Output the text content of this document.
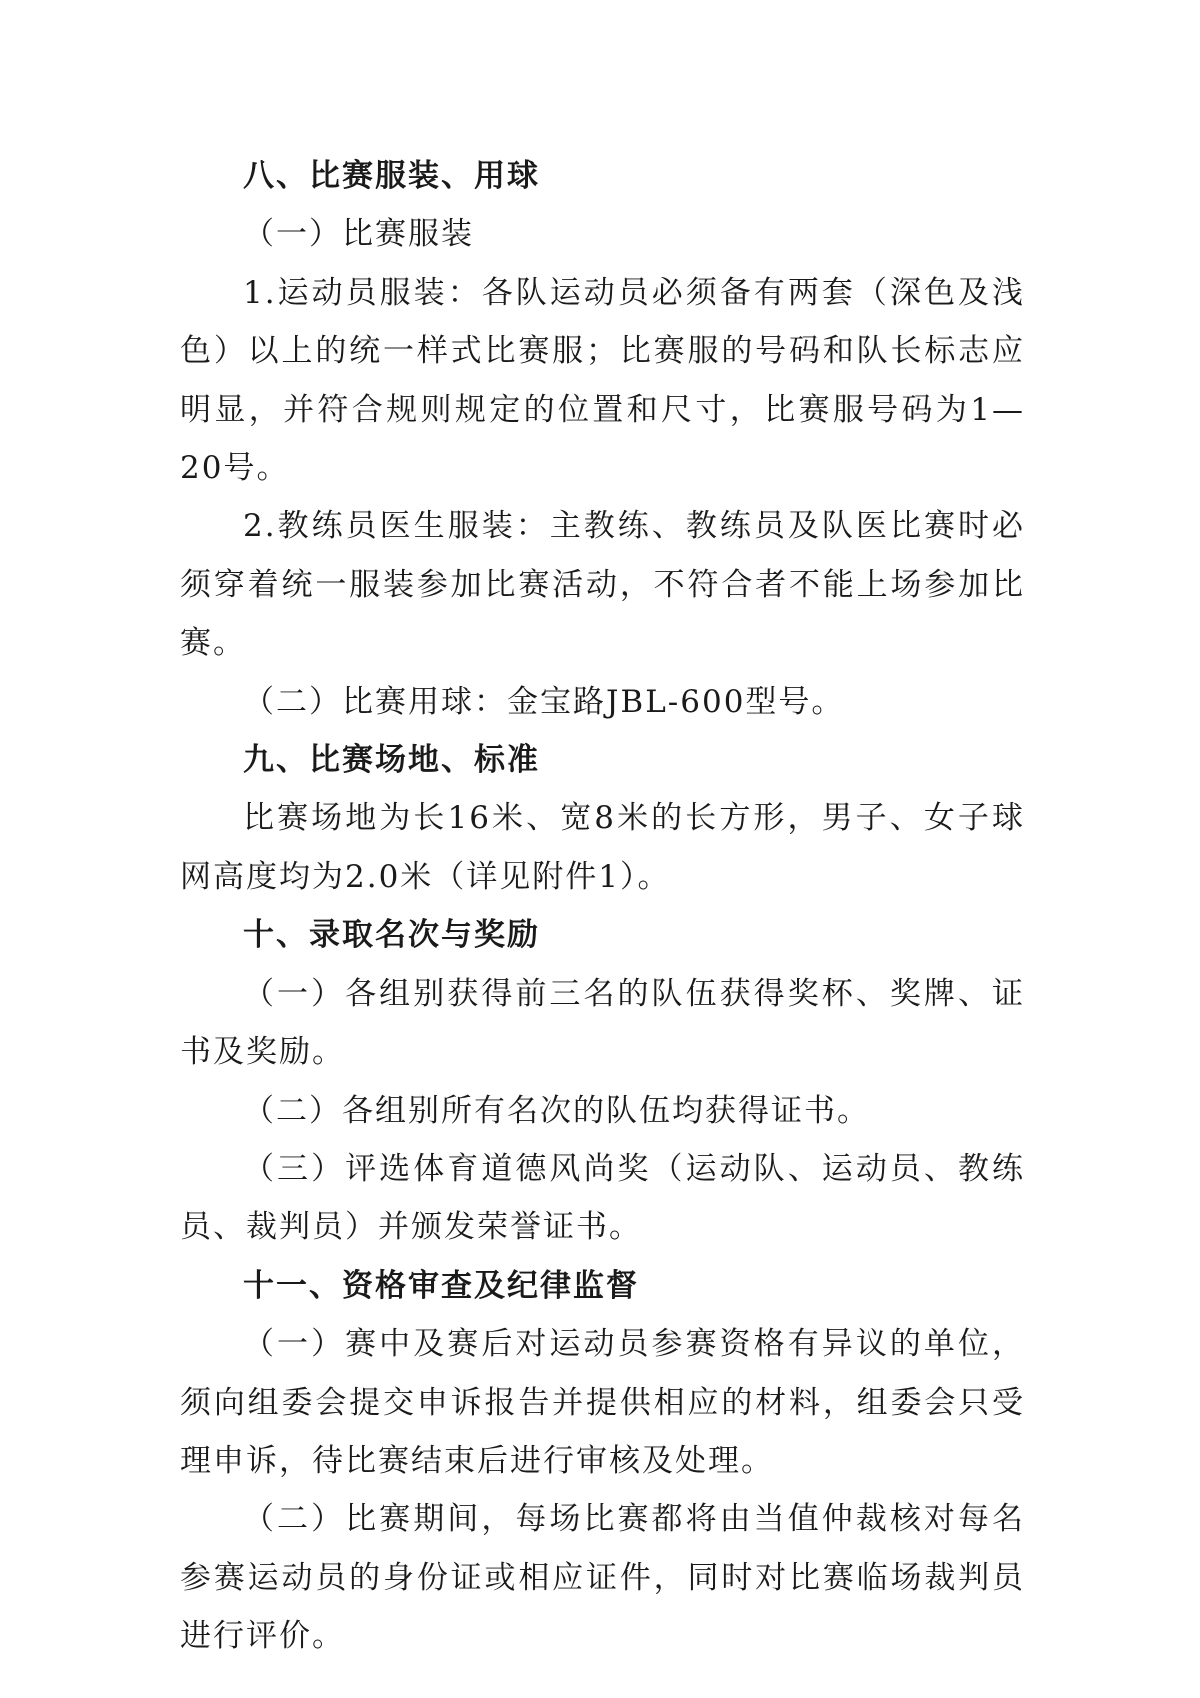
八、比赛服装、用球

（一）比赛服装

1.运动员服装：各队运动员必须备有两套（深色及浅色）以上的统一样式比赛服；比赛服的号码和队长标志应明显，并符合规则规定的位置和尺寸，比赛服号码为1—20号。

2.教练员医生服装：主教练、教练员及队医比赛时必须穿着统一服装参加比赛活动，不符合者不能上场参加比赛。

（二）比赛用球：金宝路JBL-600型号。

九、比赛场地、标准

比赛场地为长16米、宽8米的长方形，男子、女子球网高度均为2.0米（详见附件1）。

十、录取名次与奖励

（一）各组别获得前三名的队伍获得奖杯、奖牌、证书及奖励。

（二）各组别所有名次的队伍均获得证书。

（三）评选体育道德风尚奖（运动队、运动员、教练员、裁判员）并颁发荣誉证书。

十一、资格审查及纪律监督

（一）赛中及赛后对运动员参赛资格有异议的单位，须向组委会提交申诉报告并提供相应的材料，组委会只受理申诉，待比赛结束后进行审核及处理。

（二）比赛期间，每场比赛都将由当值仲裁核对每名参赛运动员的身份证或相应证件，同时对比赛临场裁判员进行评价。
